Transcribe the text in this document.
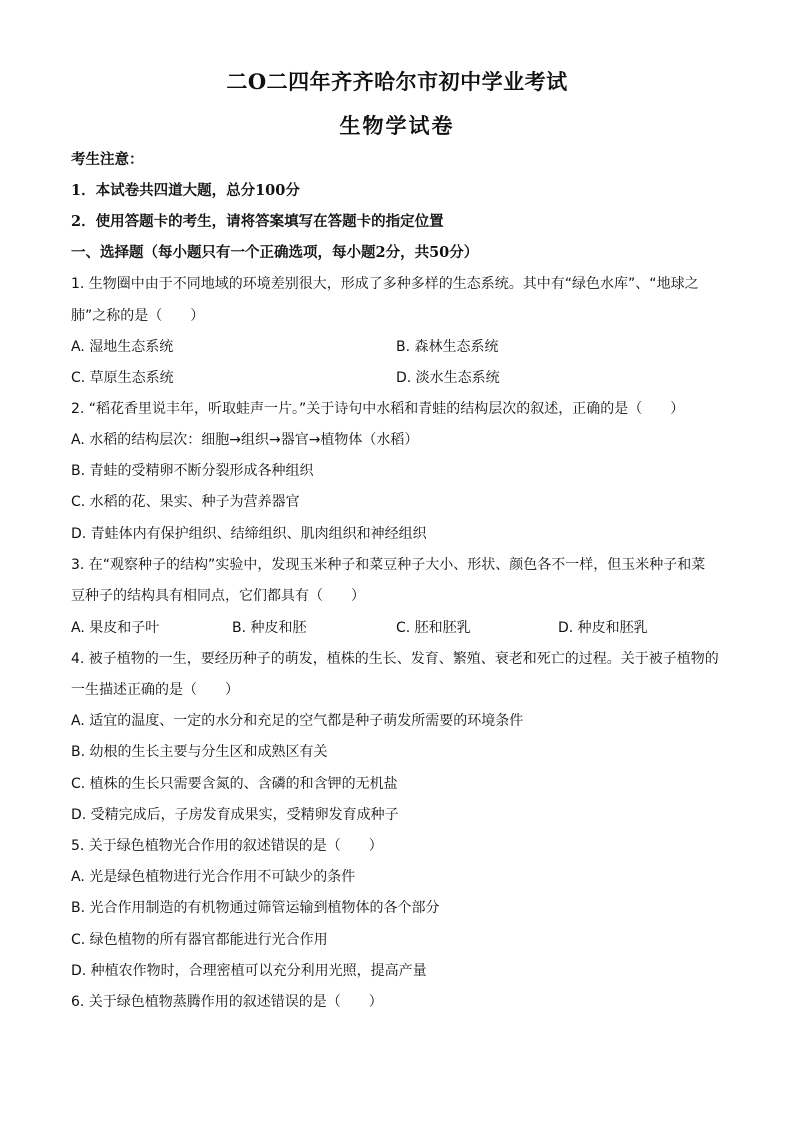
二O二四年齐齐哈尔市初中学业考试
生物学试卷
考生注意：
1．本试卷共四道大题，总分100分
2．使用答题卡的考生，请将答案填写在答题卡的指定位置
一、选择题（每小题只有一个正确选项，每小题2分，共50分）
1. 生物圈中由于不同地域的环境差别很大，形成了多种多样的生态系统。其中有“绿色水库”、“地球之
肺”之称的是（　　）
A. 湿地生态系统	B. 森林生态系统
C. 草原生态系统	D. 淡水生态系统
2. “稻花香里说丰年，听取蛙声一片。”关于诗句中水稻和青蛙的结构层次的叙述，正确的是（　　）
A. 水稻的结构层次：细胞→组织→器官→植物体（水稻）
B. 青蛙的受精卵不断分裂形成各种组织
C. 水稻的花、果实、种子为营养器官
D. 青蛙体内有保护组织、结缔组织、肌肉组织和神经组织
3. 在“观察种子的结构”实验中，发现玉米种子和菜豆种子大小、形状、颜色各不一样，但玉米种子和菜
豆种子的结构具有相同点，它们都具有（　　）
A. 果皮和子叶	B. 种皮和胚	C. 胚和胚乳	D. 种皮和胚乳
4. 被子植物的一生，要经历种子的萌发，植株的生长、发育、繁殖、衰老和死亡的过程。关于被子植物的
一生描述正确的是（　　）
A. 适宜的温度、一定的水分和充足的空气都是种子萌发所需要的环境条件
B. 幼根的生长主要与分生区和成熟区有关
C. 植株的生长只需要含氮的、含磷的和含钾的无机盐
D. 受精完成后，子房发育成果实，受精卵发育成种子
5. 关于绿色植物光合作用的叙述错误的是（　　）
A. 光是绿色植物进行光合作用不可缺少的条件
B. 光合作用制造的有机物通过筛管运输到植物体的各个部分
C. 绿色植物的所有器官都能进行光合作用
D. 种植农作物时，合理密植可以充分利用光照，提高产量
6. 关于绿色植物蒸腾作用的叙述错误的是（　　）
